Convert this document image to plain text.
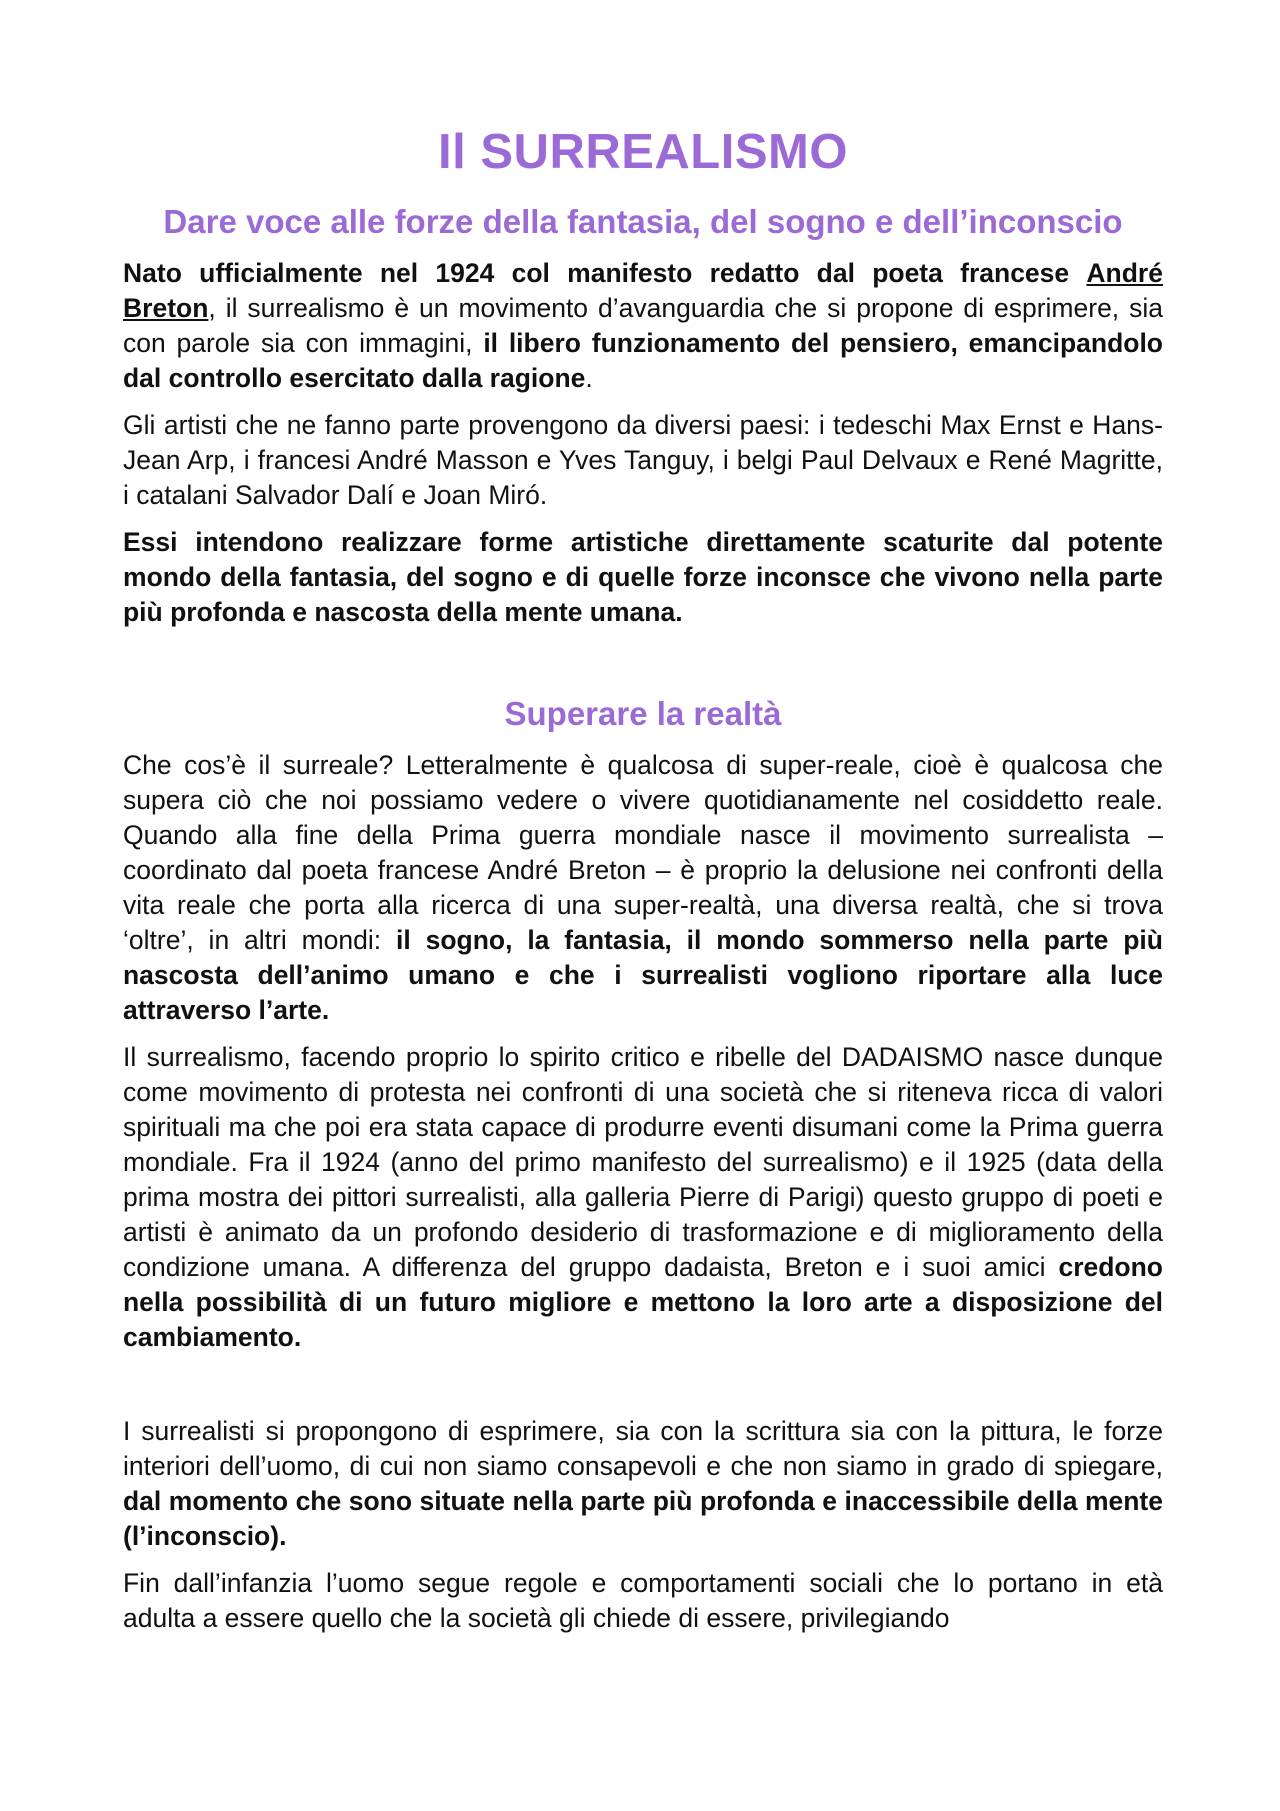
Il SURREALISMO
Dare voce alle forze della fantasia, del sogno e dell’inconscio

Nato ufficialmente nel 1924 col manifesto redatto dal poeta francese André Breton, il surrealismo è un movimento d’avanguardia che si propone di esprimere, sia con parole sia con immagini, il libero funzionamento del pensiero, emancipandolo dal controllo esercitato dalla ragione.

Gli artisti che ne fanno parte provengono da diversi paesi: i tedeschi Max Ernst e Hans-Jean Arp, i francesi André Masson e Yves Tanguy, i belgi Paul Delvaux e René Magritte, i catalani Salvador Dalí e Joan Miró.

Essi intendono realizzare forme artistiche direttamente scaturite dal potente mondo della fantasia, del sogno e di quelle forze inconsce che vivono nella parte più profonda e nascosta della mente umana.

Superare la realtà

Che cos’è il surreale? Letteralmente è qualcosa di super-reale, cioè è qualcosa che supera ciò che noi possiamo vedere o vivere quotidianamente nel cosiddetto reale. Quando alla fine della Prima guerra mondiale nasce il movimento surrealista – coordinato dal poeta francese André Breton – è proprio la delusione nei confronti della vita reale che porta alla ricerca di una super-realtà, una diversa realtà, che si trova ‘oltre’, in altri mondi: il sogno, la fantasia, il mondo sommerso nella parte più nascosta dell’animo umano e che i surrealisti vogliono riportare alla luce attraverso l’arte.

Il surrealismo, facendo proprio lo spirito critico e ribelle del DADAISMO nasce dunque come movimento di protesta nei confronti di una società che si riteneva ricca di valori spirituali ma che poi era stata capace di produrre eventi disumani come la Prima guerra mondiale. Fra il 1924 (anno del primo manifesto del surrealismo) e il 1925 (data della prima mostra dei pittori surrealisti, alla galleria Pierre di Parigi) questo gruppo di poeti e artisti è animato da un profondo desiderio di trasformazione e di miglioramento della condizione umana. A differenza del gruppo dadaista, Breton e i suoi amici credono nella possibilità di un futuro migliore e mettono la loro arte a disposizione del cambiamento.

I surrealisti si propongono di esprimere, sia con la scrittura sia con la pittura, le forze interiori dell’uomo, di cui non siamo consapevoli e che non siamo in grado di spiegare, dal momento che sono situate nella parte più profonda e inaccessibile della mente (l’inconscio).

Fin dall’infanzia l’uomo segue regole e comportamenti sociali che lo portano in età adulta a essere quello che la società gli chiede di essere, privilegiando
